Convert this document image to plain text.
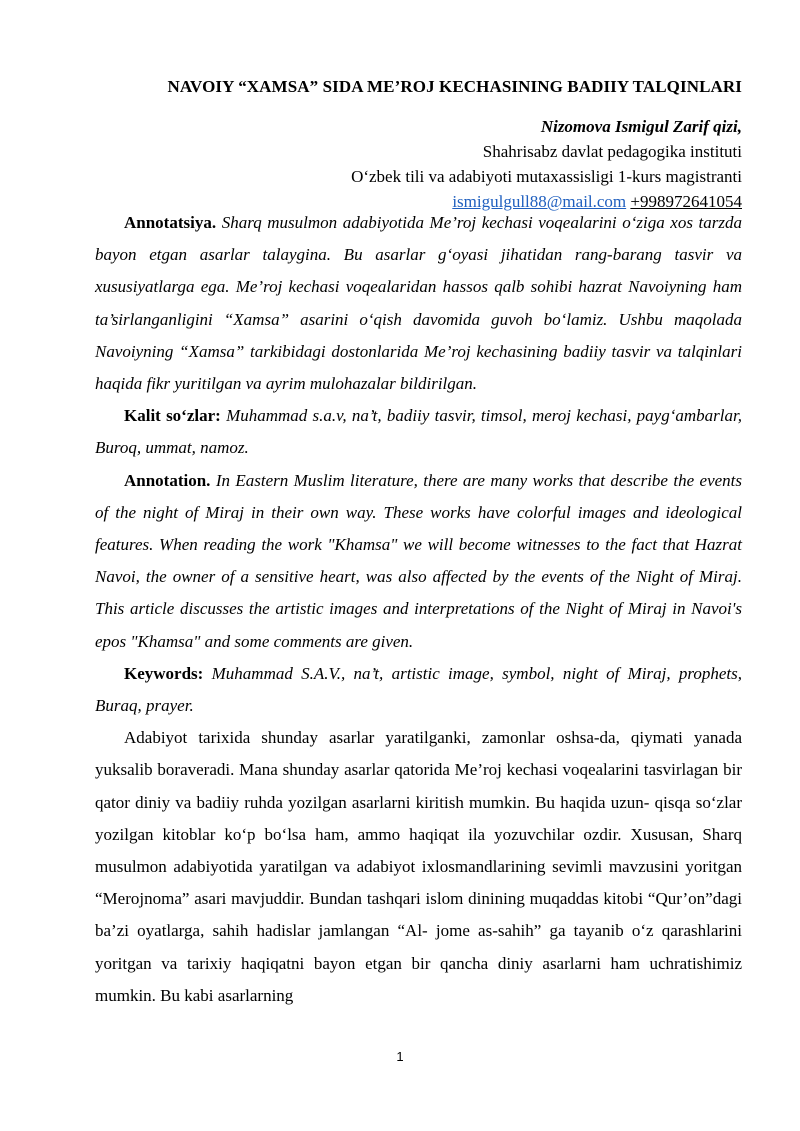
NAVOIY “XAMSA” SIDA ME’ROJ KECHASINING BADIIY TALQINLARI
Nizomova Ismigul Zarif qizi,
Shahrisabz davlat pedagogika instituti
O‘zbek tili va adabiyoti mutaxassisligi 1-kurs magistranti
ismigulgull88@mail.com +998972641054

Annotatsiya. Sharq musulmon adabiyotida Me’roj kechasi voqealarini o‘ziga xos tarzda bayon etgan asarlar talaygina. Bu asarlar g‘oyasi jihatidan rang-barang tasvir va xususiyatlarga ega. Me’roj kechasi voqealaridan hassos qalb sohibi hazrat Navoiyning ham ta’sirlanganligini “Xamsa” asarini o‘qish davomida guvoh bo‘lamiz. Ushbu maqolada Navoiyning “Xamsa” tarkibidagi dostonlarida Me’roj kechasining badiiy tasvir va talqinlari haqida fikr yuritilgan va ayrim mulohazalar bildirilgan.

Kalit so‘zlar: Muhammad s.a.v, na’t, badiiy tasvir, timsol, meroj kechasi, payg‘ambarlar, Buroq, ummat, namoz.

Annotation. In Eastern Muslim literature, there are many works that describe the events of the night of Miraj in their own way. These works have colorful images and ideological features. When reading the work "Khamsa" we will become witnesses to the fact that Hazrat Navoi, the owner of a sensitive heart, was also affected by the events of the Night of Miraj. This article discusses the artistic images and interpretations of the Night of Miraj in Navoi's epos "Khamsa" and some comments are given.

Keywords: Muhammad S.A.V., na’t, artistic image, symbol, night of Miraj, prophets, Buraq, prayer.

Adabiyot tarixida shunday asarlar yaratilganki, zamonlar oshsa-da, qiymati yanada yuksalib boraveradi. Mana shunday asarlar qatorida Me’roj kechasi voqealarini tasvirlagan bir qator diniy va badiiy ruhda yozilgan asarlarni kiritish mumkin. Bu haqida uzun- qisqa so‘zlar yozilgan kitoblar ko‘p bo‘lsa ham, ammo haqiqat ila yozuvchilar ozdir. Xususan, Sharq musulmon adabiyotida yaratilgan va adabiyot ixlosmandlarining sevimli mavzusini yoritgan “Merojnoma” asari mavjuddir. Bundan tashqari islom dinining muqaddas kitobi “Qur’on”dagi ba’zi oyatlarga, sahih hadislar jamlangan “Al- jome as-sahih” ga tayanib o‘z qarashlarini yoritgan va tarixiy haqiqatni bayon etgan bir qancha diniy asarlarni ham uchratishimiz mumkin. Bu kabi asarlarning

1
